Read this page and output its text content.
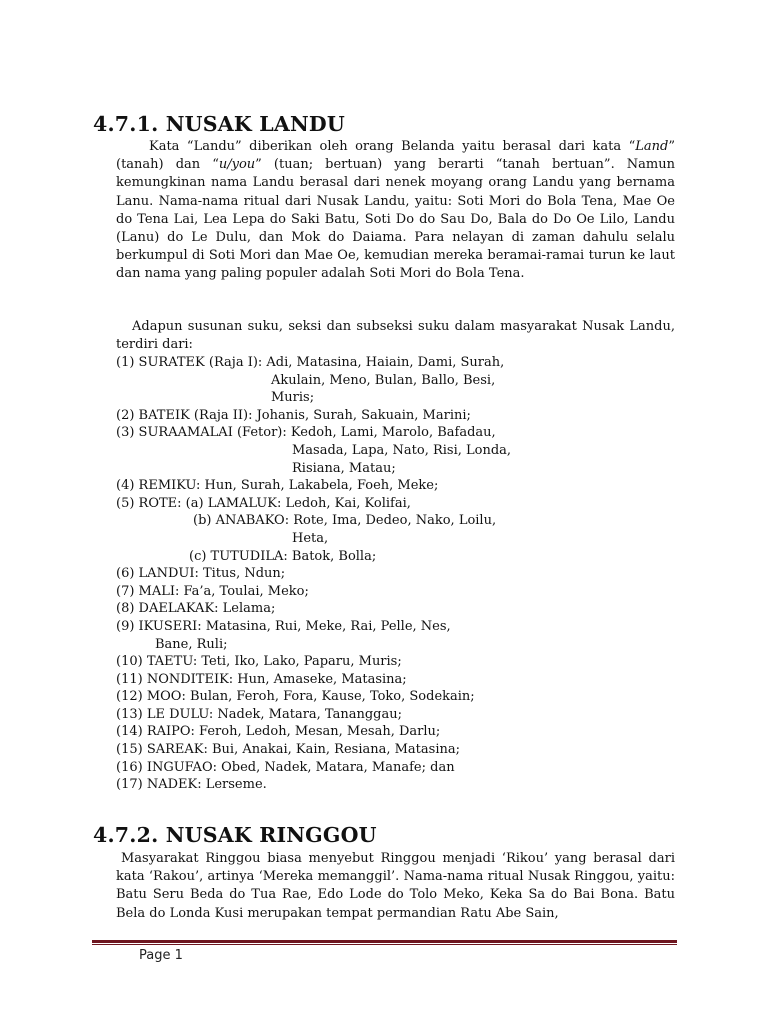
4.7.1. NUSAK LANDU

Kata “Landu” diberikan oleh orang Belanda yaitu berasal dari kata “Land” (tanah) dan “u/you” (tuan; bertuan) yang berarti “tanah bertuan”. Namun kemungkinan nama Landu berasal dari nenek moyang orang Landu yang bernama Lanu. Nama-nama ritual dari Nusak Landu, yaitu: Soti Mori do Bola Tena, Mae Oe do Tena Lai, Lea Lepa do Saki Batu, Soti Do do Sau Do, Bala do Do Oe Lilo, Landu (Lanu) do Le Dulu, dan Mok do Daiama. Para nelayan di zaman dahulu selalu berkumpul di Soti Mori dan Mae Oe, kemudian mereka beramai-ramai turun ke laut dan nama yang paling populer adalah Soti Mori do Bola Tena.

Adapun susunan suku, seksi dan subseksi suku dalam masyarakat Nusak Landu, terdiri dari:

(1) SURATEK (Raja I): Adi, Matasina, Haiain, Dami, Surah,
Akulain, Meno, Bulan, Ballo, Besi,
Muris;
(2) BATEIK (Raja II): Johanis, Surah, Sakuain, Marini;
(3) SURAAMALAI (Fetor): Kedoh, Lami, Marolo, Bafadau,
Masada, Lapa, Nato, Risi, Londa,
Risiana, Matau;
(4) REMIKU: Hun, Surah, Lakabela, Foeh, Meke;
(5) ROTE: (a) LAMALUK: Ledoh, Kai, Kolifai,
(b) ANABAKO: Rote, Ima, Dedeo, Nako, Loilu,
Heta,
(c) TUTUDILA: Batok, Bolla;
(6) LANDUI: Titus, Ndun;
(7) MALI: Fa’a, Toulai, Meko;
(8) DAELAKAK: Lelama;
(9) IKUSERI: Matasina, Rui, Meke, Rai, Pelle, Nes,
Bane, Ruli;
(10) TAETU: Teti, Iko, Lako, Paparu, Muris;
(11) NONDITEIK: Hun, Amaseke, Matasina;
(12) MOO: Bulan, Feroh, Fora, Kause, Toko, Sodekain;
(13) LE DULU: Nadek, Matara, Tananggau;
(14) RAIPO: Feroh, Ledoh, Mesan, Mesah, Darlu;
(15) SAREAK: Bui, Anakai, Kain, Resiana, Matasina;
(16) INGUFAO: Obed, Nadek, Matara, Manafe; dan
(17) NADEK: Lerseme.
4.7.2. NUSAK RINGGOU

Masyarakat Ringgou biasa menyebut Ringgou menjadi ‘Rikou’ yang berasal dari kata ‘Rakou’, artinya ‘Mereka memanggil’. Nama-nama ritual Nusak Ringgou, yaitu: Batu Seru Beda do Tua Rae, Edo Lode do Tolo Meko, Keka Sa do Bai Bona. Batu Bela do Londa Kusi merupakan tempat permandian Ratu Abe Sain,

Page 1
